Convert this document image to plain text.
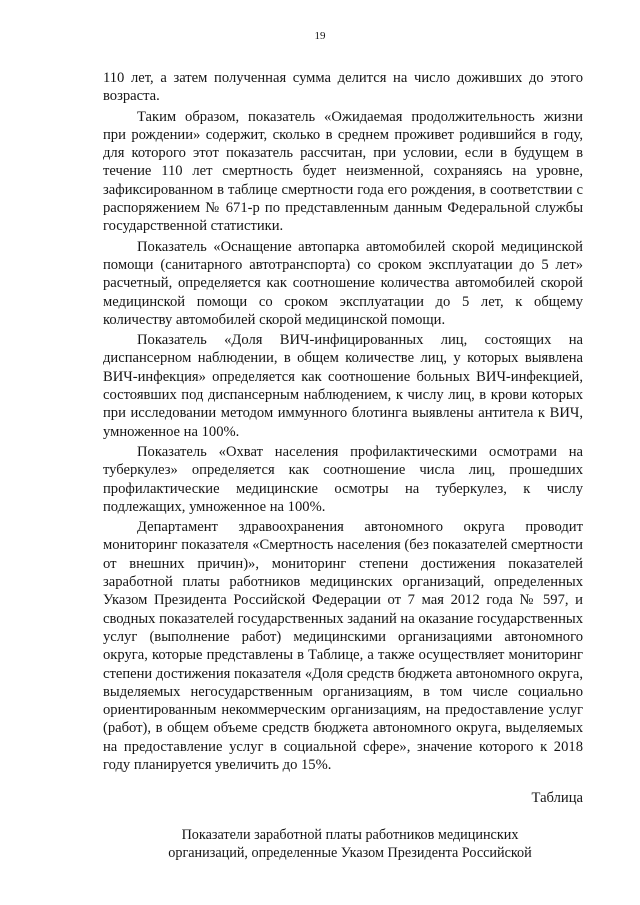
19

110 лет, а затем полученная сумма делится на число доживших до этого возраста.

Таким образом, показатель «Ожидаемая продолжительность жизни при рождении» содержит, сколько в среднем проживет родившийся в году, для которого этот показатель рассчитан, при условии, если в будущем в течение 110 лет смертность будет неизменной, сохраняясь на уровне, зафиксированном в таблице смертности года его рождения, в соответствии с распоряжением № 671-р по представленным данным Федеральной службы государственной статистики.

Показатель «Оснащение автопарка автомобилей скорой медицинской помощи (санитарного автотранспорта) со сроком эксплуатации до 5 лет» расчетный, определяется как соотношение количества автомобилей скорой медицинской помощи со сроком эксплуатации до 5 лет, к общему количеству автомобилей скорой медицинской помощи.

Показатель «Доля ВИЧ-инфицированных лиц, состоящих на диспансерном наблюдении, в общем количестве лиц, у которых выявлена ВИЧ-инфекция» определяется как соотношение больных ВИЧ-инфекцией, состоявших под диспансерным наблюдением, к числу лиц, в крови которых при исследовании методом иммунного блотинга выявлены антитела к ВИЧ, умноженное на 100%.

Показатель «Охват населения профилактическими осмотрами на туберкулез» определяется как соотношение числа лиц, прошедших профилактические медицинские осмотры на туберкулез, к числу подлежащих, умноженное на 100%.

Департамент здравоохранения автономного округа проводит мониторинг показателя «Смертность населения (без показателей смертности от внешних причин)», мониторинг степени достижения показателей заработной платы работников медицинских организаций, определенных Указом Президента Российской Федерации от 7 мая 2012 года № 597, и сводных показателей государственных заданий на оказание государственных услуг (выполнение работ) медицинскими организациями автономного округа, которые представлены в Таблице, а также осуществляет мониторинг степени достижения показателя «Доля средств бюджета автономного округа, выделяемых негосударственным организациям, в том числе социально ориентированным некоммерческим организациям, на предоставление услуг (работ), в общем объеме средств бюджета автономного округа, выделяемых на предоставление услуг в социальной сфере», значение которого к 2018 году планируется увеличить до 15%.

Таблица
Показатели заработной платы работников медицинских
организаций, определенные Указом Президента Российской
